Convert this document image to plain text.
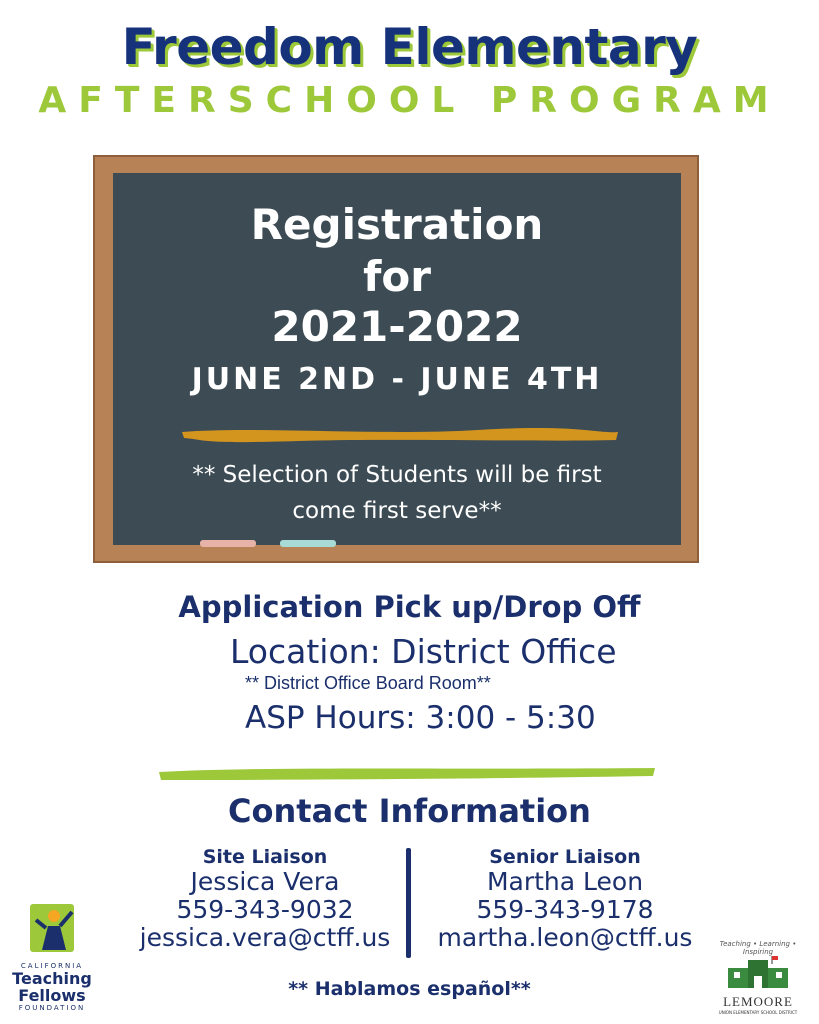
Freedom Elementary
AFTERSCHOOL PROGRAM
Registration
for
2021-2022
JUNE 2ND - JUNE 4TH
** Selection of Students will be first
come first serve**
Application Pick up/Drop Off
Location: District Office
** District Office Board Room**
ASP Hours: 3:00 - 5:30
Contact Information
Site Liaison
Jessica Vera
559-343-9032
jessica.vera@ctff.us
Senior Liaison
Martha Leon
559-343-9178
martha.leon@ctff.us
** Hablamos español**
CALIFORNIA
Teaching
Fellows
FOUNDATION
Teaching • Learning • Inspiring
LEMOORE
UNION ELEMENTARY SCHOOL DISTRICT
